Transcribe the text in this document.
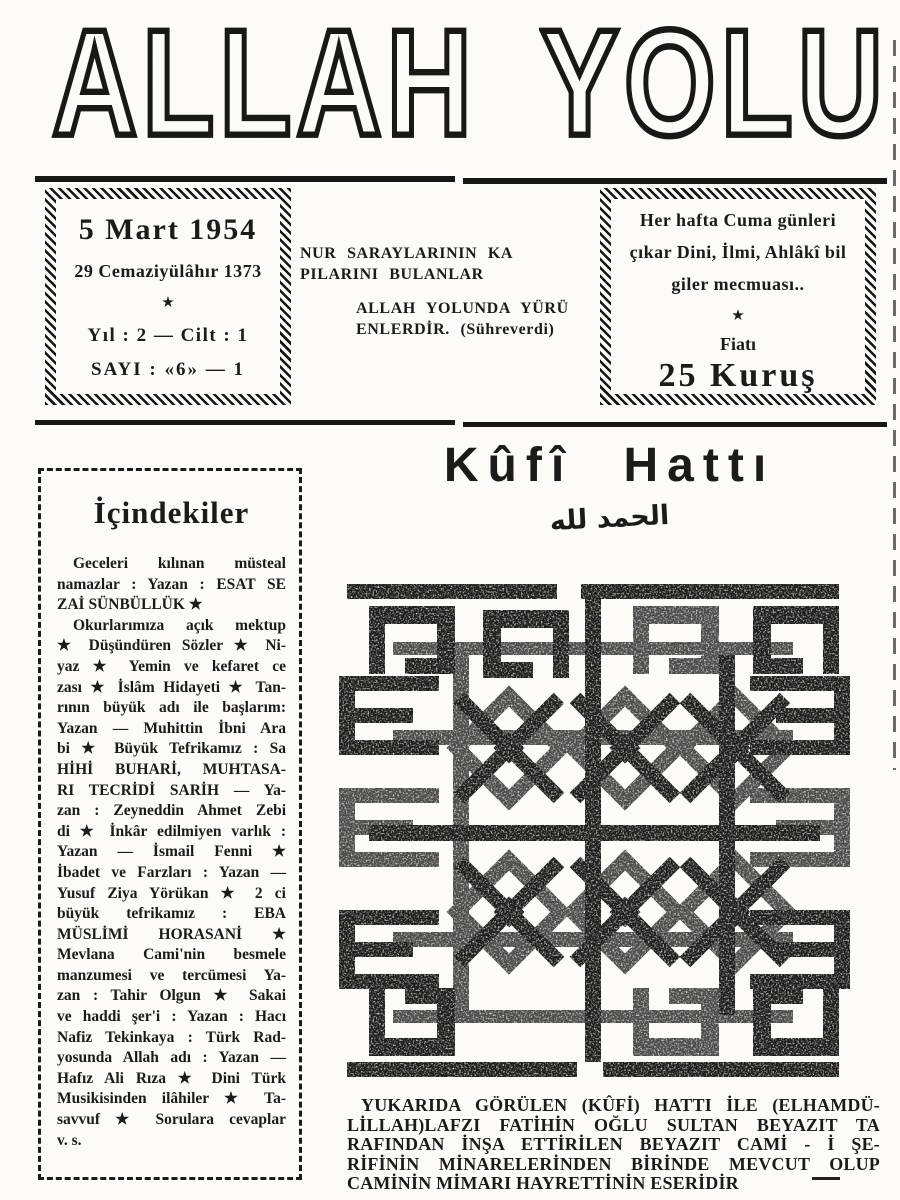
ALLAH YOLU
5 Mart 1954
29 Cemaziyülâhır 1373
★
Yıl : 2 — Cilt : 1
SAYI : «6» — 1
NUR SARAYLARININ KA
PILARINI BULANLAR
ALLAH YOLUNDA YÜRÜ
ENLERDİR. (Sühreverdi)
Her hafta Cuma günleri
çıkar Dini, İlmi, Ahlâkî bil
giler mecmuası..
★
Fiatı
25 Kuruş
İçindekiler
Geceleri kılınan müsteal
namazlar : Yazan : ESAT SE
ZAİ SÜNBÜLLÜK ★
Okurlarımıza açık mektup
★ Düşündüren Sözler ★ Ni-
yaz ★ Yemin ve kefaret ce
zası ★ İslâm Hidayeti ★ Tan-
rının büyük adı ile başlarım:
Yazan — Muhittin İbni Ara
bi ★ Büyük Tefrikamız : Sa
HİHİ BUHARİ, MUHTASA-
RI TECRİDİ SARİH — Ya-
zan : Zeyneddin Ahmet Zebi
di ★ İnkâr edilmiyen varlık :
Yazan — İsmail Fenni ★
İbadet ve Farzları : Yazan —
Yusuf Ziya Yörükan ★ 2 ci
büyük tefrikamız : EBA
MÜSLİMİ HORASANİ ★
Mevlana Cami'nin besmele
manzumesi ve tercümesi Ya-
zan : Tahir Olgun ★ Sakai
ve haddi şer'i : Yazan : Hacı
Nafiz Tekinkaya : Türk Rad-
yosunda Allah adı : Yazan —
Hafız Ali Rıza ★ Dini Türk
Musikisinden ilâhiler ★ Ta-
savvuf ★ Sorulara cevaplar
v. s.
Kûfî Hattı
الحمد لله
YUKARIDA GÖRÜLEN (KÛFİ) HATTI İLE (ELHAMDÜ-
LİLLAH)LAFZI FATİHİN OĞLU SULTAN BEYAZIT TA
RAFINDAN İNŞA ETTİRİLEN BEYAZIT CAMİ - İ ŞE-
RİFİNİN MİNARELERİNDEN BİRİNDE MEVCUT OLUP
CAMİNİN MİMARI HAYRETTİNİN ESERİDİR
